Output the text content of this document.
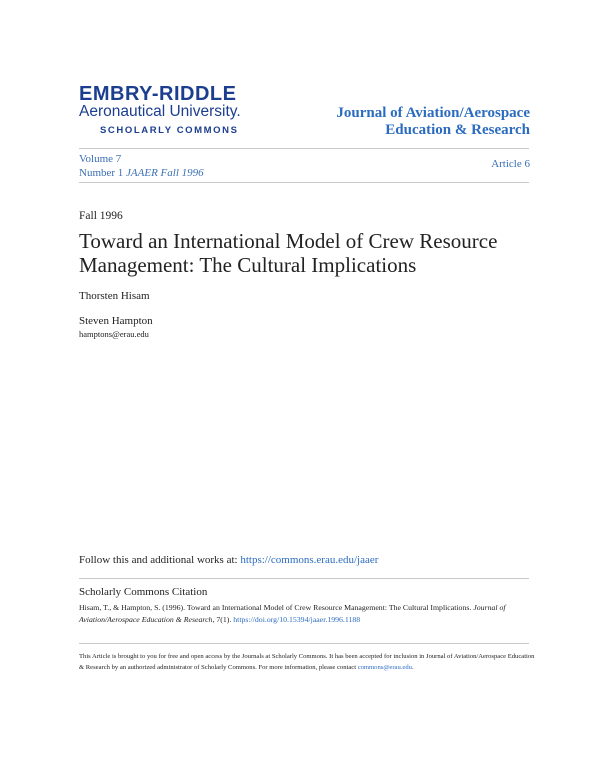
EMBRY-RIDDLE
Aeronautical University.
SCHOLARLY COMMONS
Journal of Aviation/Aerospace
Education & Research
Volume 7
Number 1 JAAER Fall 1996
Article 6
Fall 1996
Toward an International Model of Crew Resource Management: The Cultural Implications
Thorsten Hisam
Steven Hampton
hamptons@erau.edu
Follow this and additional works at: https://commons.erau.edu/jaaer
Scholarly Commons Citation
Hisam, T., & Hampton, S. (1996). Toward an International Model of Crew Resource Management: The Cultural Implications. Journal of Aviation/Aerospace Education & Research, 7(1). https://doi.org/10.15394/jaaer.1996.1188
This Article is brought to you for free and open access by the Journals at Scholarly Commons. It has been accepted for inclusion in Journal of Aviation/Aerospace Education & Research by an authorized administrator of Scholarly Commons. For more information, please contact commons@erau.edu.
